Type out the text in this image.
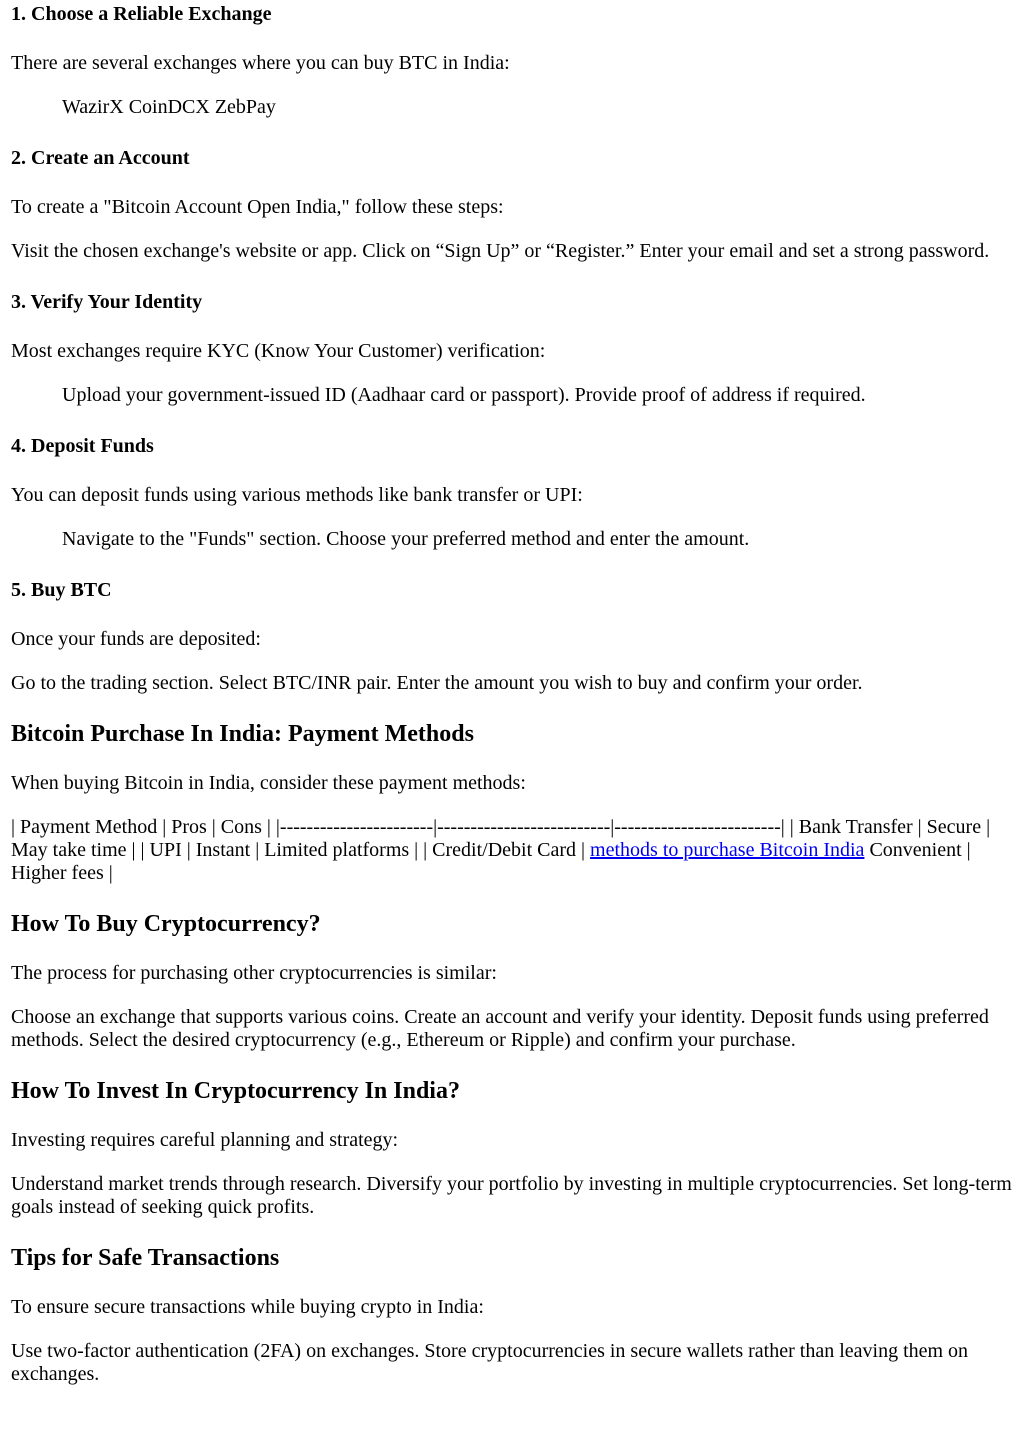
1. Choose a Reliable Exchange

There are several exchanges where you can buy BTC in India:

WazirX CoinDCX ZebPay

2. Create an Account

To create a "Bitcoin Account Open India," follow these steps:

Visit the chosen exchange's website or app. Click on “Sign Up” or “Register.” Enter your email and set a strong password.

3. Verify Your Identity

Most exchanges require KYC (Know Your Customer) verification:

Upload your government-issued ID (Aadhaar card or passport). Provide proof of address if required.

4. Deposit Funds

You can deposit funds using various methods like bank transfer or UPI:

Navigate to the "Funds" section. Choose your preferred method and enter the amount.

5. Buy BTC

Once your funds are deposited:

Go to the trading section. Select BTC/INR pair. Enter the amount you wish to buy and confirm your order.

Bitcoin Purchase In India: Payment Methods

When buying Bitcoin in India, consider these payment methods:

| Payment Method | Pros | Cons | |-----------------------|--------------------------|-------------------------| | Bank Transfer | Secure | May take time | | UPI | Instant | Limited platforms | | Credit/Debit Card | methods to purchase Bitcoin India Convenient | Higher fees |

How To Buy Cryptocurrency?

The process for purchasing other cryptocurrencies is similar:

Choose an exchange that supports various coins. Create an account and verify your identity. Deposit funds using preferred methods. Select the desired cryptocurrency (e.g., Ethereum or Ripple) and confirm your purchase.

How To Invest In Cryptocurrency In India?

Investing requires careful planning and strategy:

Understand market trends through research. Diversify your portfolio by investing in multiple cryptocurrencies. Set long-term goals instead of seeking quick profits.

Tips for Safe Transactions

To ensure secure transactions while buying crypto in India:

Use two-factor authentication (2FA) on exchanges. Store cryptocurrencies in secure wallets rather than leaving them on exchanges.
